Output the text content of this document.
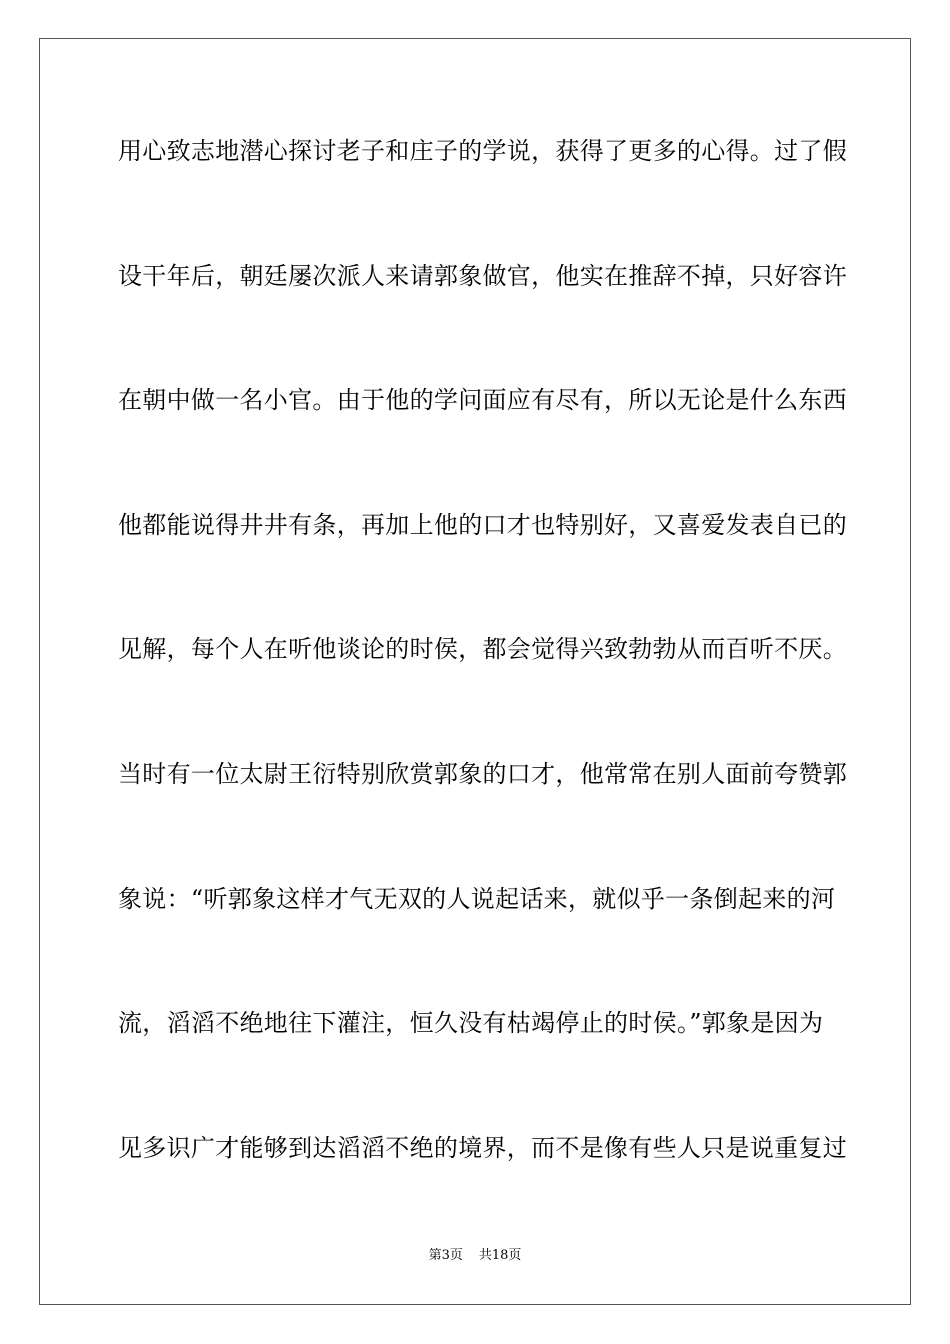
用心致志地潜心探讨老子和庄子的学说，获得了更多的心得。过了假
设干年后，朝廷屡次派人来请郭象做官，他实在推辞不掉，只好容许
在朝中做一名小官。由于他的学问面应有尽有，所以无论是什么东西
他都能说得井井有条，再加上他的口才也特别好，又喜爱发表自已的
见解，每个人在听他谈论的时侯，都会觉得兴致勃勃从而百听不厌。
当时有一位太尉王衍特别欣赏郭象的口才，他常常在别人面前夸赞郭
象说：“听郭象这样才气无双的人说起话来，就似乎一条倒起来的河
流，滔滔不绝地往下灌注，恒久没有枯竭停止的时侯。”郭象是因为
见多识广才能够到达滔滔不绝的境界，而不是像有些人只是说重复过
第3页 共18页
